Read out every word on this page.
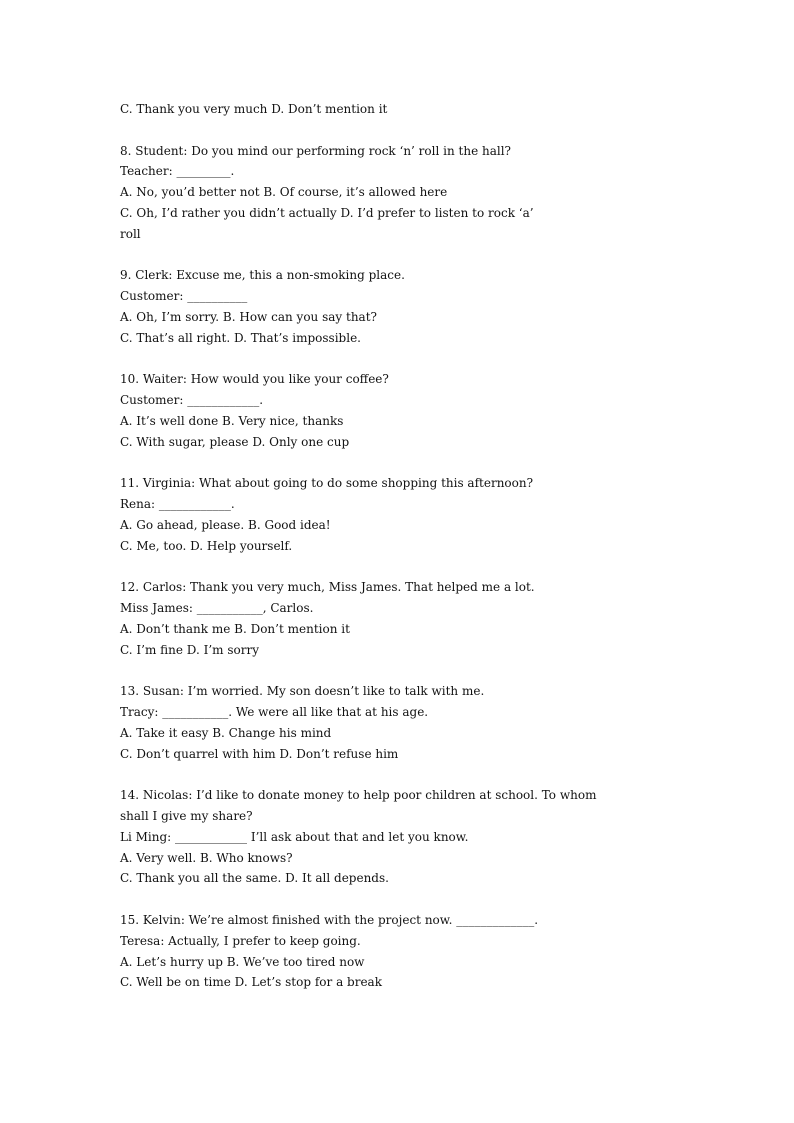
C. Thank you very much D. Don’t mention it
8. Student: Do you mind our performing rock ‘n’ roll in the hall?
Teacher: _________.
A. No, you’d better not B. Of course, it’s allowed here
C. Oh, I’d rather you didn’t actually D. I’d prefer to listen to rock ‘a’
roll
9. Clerk: Excuse me, this a non-smoking place.
Customer: __________
A. Oh, I’m sorry. B. How can you say that?
C. That’s all right. D. That’s impossible.
10. Waiter: How would you like your coffee?
Customer: ____________.
A. It’s well done B. Very nice, thanks
C. With sugar, please D. Only one cup
11. Virginia: What about going to do some shopping this afternoon?
Rena: ____________.
A. Go ahead, please. B. Good idea!
C. Me, too. D. Help yourself.
12. Carlos: Thank you very much, Miss James. That helped me a lot.
Miss James: ___________, Carlos.
A. Don’t thank me B. Don’t mention it
C. I’m fine D. I’m sorry
13. Susan: I’m worried. My son doesn’t like to talk with me.
Tracy: ___________. We were all like that at his age.
A. Take it easy B. Change his mind
C. Don’t quarrel with him D. Don’t refuse him
14. Nicolas: I’d like to donate money to help poor children at school. To whom
shall I give my share?
Li Ming: ____________ I’ll ask about that and let you know.
A. Very well. B. Who knows?
C. Thank you all the same. D. It all depends.
15. Kelvin: We’re almost finished with the project now. _____________.
Teresa: Actually, I prefer to keep going.
A. Let’s hurry up B. We’ve too tired now
C. Well be on time D. Let’s stop for a break
